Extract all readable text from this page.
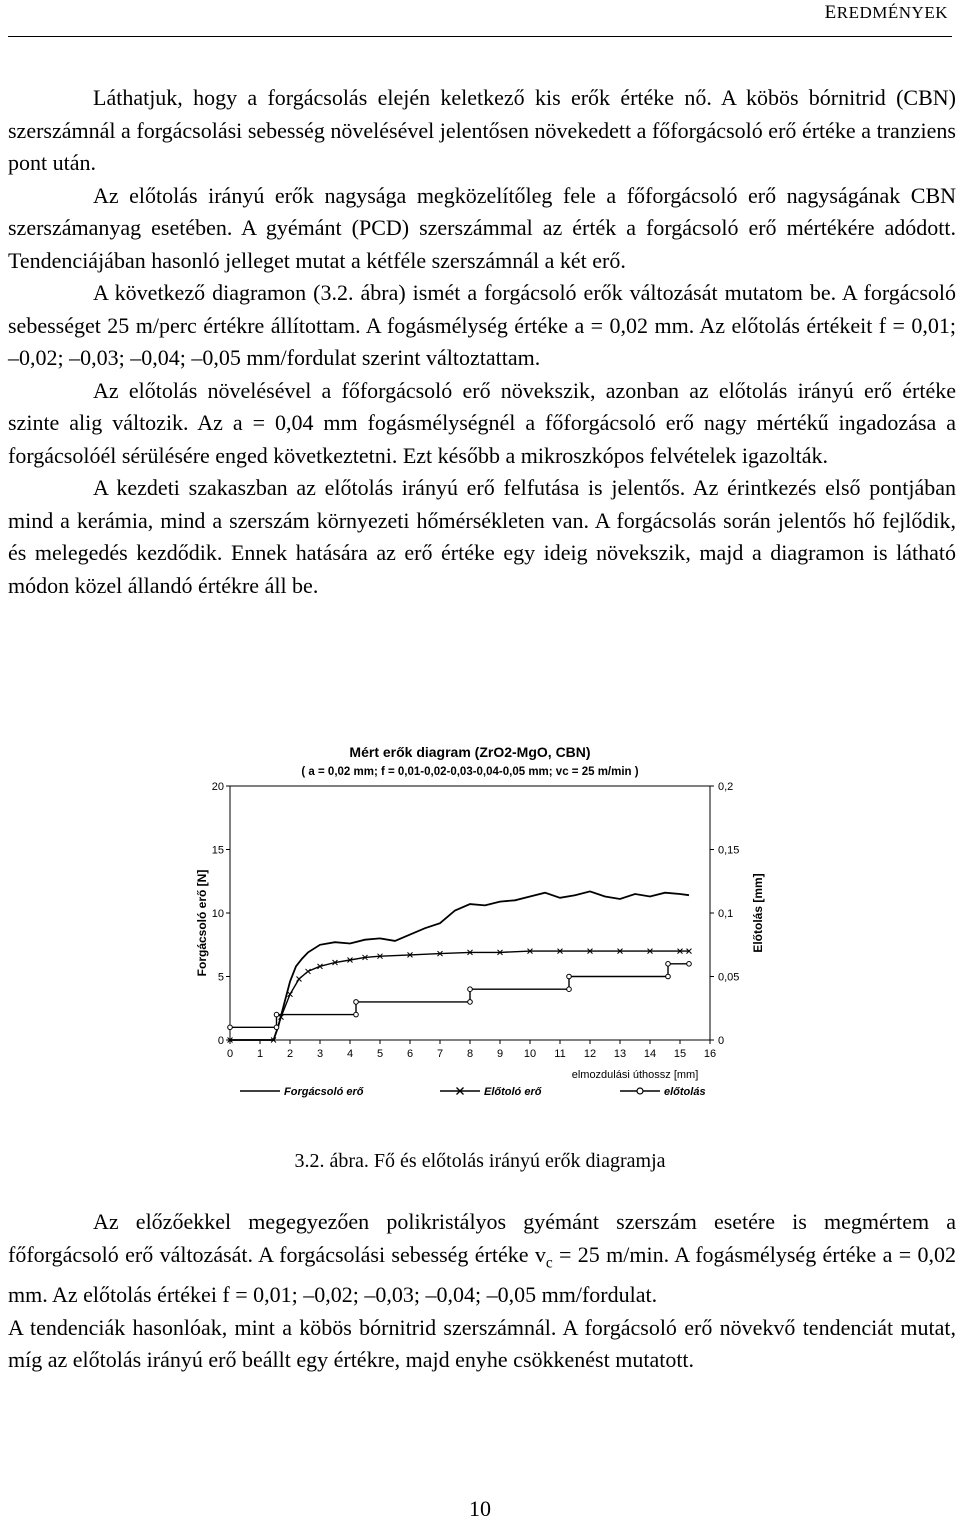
EREDMÉNYEK

Láthatjuk, hogy a forgácsolás elején keletkező kis erők értéke nő. A köbös bórnitrid (CBN) szerszámnál a forgácsolási sebesség növelésével jelentősen növekedett a főforgácsoló erő értéke a tranziens pont után.

Az előtolás irányú erők nagysága megközelítőleg fele a főforgácsoló erő nagyságának CBN szerszámanyag esetében. A gyémánt (PCD) szerszámmal az érték a forgácsoló erő mértékére adódott. Tendenciájában hasonló jelleget mutat a kétféle szerszámnál a két erő.

A következő diagramon (3.2. ábra) ismét a forgácsoló erők változását mutatom be. A forgácsoló sebességet 25 m/perc értékre állítottam. A fogásmélység értéke a = 0,02 mm. Az előtolás értékeit f = 0,01; –0,02; –0,03; –0,04; –0,05 mm/fordulat szerint változtattam.

Az előtolás növelésével a főforgácsoló erő növekszik, azonban az előtolás irányú erő értéke szinte alig változik. Az a = 0,04 mm fogásmélységnél a főforgácsoló erő nagy mértékű ingadozása a forgácsolóél sérülésére enged következtetni. Ezt később a mikroszkópos felvételek igazolták.

A kezdeti szakaszban az előtolás irányú erő felfutása is jelentős. Az érintkezés első pontjában mind a kerámia, mind a szerszám környezeti hőmérsékleten van. A forgácsolás során jelentős hő fejlődik, és melegedés kezdődik. Ennek hatására az erő értéke egy ideig növekszik, majd a diagramon is látható módon közel állandó értékre áll be.

Mért erők diagram (ZrO2-MgO, CBN)
( a = 0,02 mm; f = 0,01-0,02-0,03-0,04-0,05 mm; vc = 25 m/min )
Forgácsoló erő [N]	Előtolás [mm]
elmozdulási úthossz [mm]
0 1 2 3 4 5 6 7 8 9 10 11 12 13 14 15 16
0
5
10
15
20
0
0,05
0,1
0,15
0,2
Forgácsoló erő	Előtoló erő	előtolás
3.2. ábra. Fő és előtolás irányú erők diagramja

Az előzőekkel megegyezően polikristályos gyémánt szerszám esetére is megmértem a főforgácsoló erő változását. A forgácsolási sebesség értéke $v_c = 25$ m/min. A fogásmélység értéke a = 0,02 mm. Az előtolás értékei f = 0,01; –0,02; –0,03; –0,04; –0,05 mm/fordulat.

A tendenciák hasonlóak, mint a köbös bórnitrid szerszámnál. A forgácsoló erő növekvő tendenciát mutat, míg az előtolás irányú erő beállt egy értékre, majd enyhe csökkenést mutatott.

10
